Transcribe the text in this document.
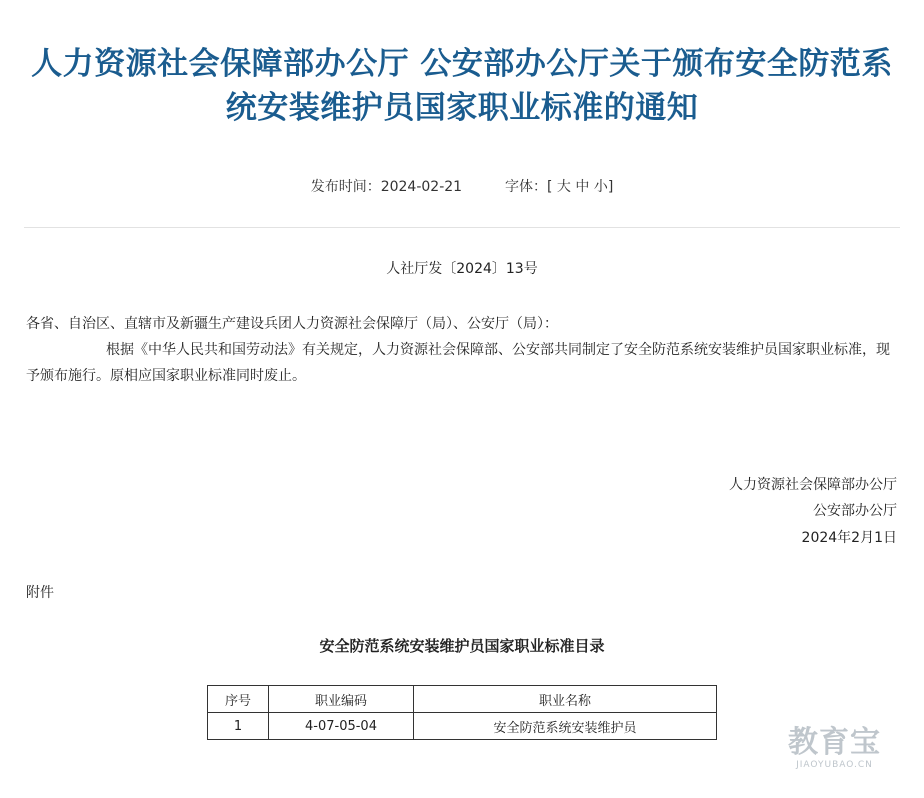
人力资源社会保障部办公厅 公安部办公厅关于颁布安全防范系统安装维护员国家职业标准的通知
发布时间：2024-02-21	字体：[ 大 中 小]
人社厅发〔2024〕13号
各省、自治区、直辖市及新疆生产建设兵团人力资源社会保障厅（局）、公安厅（局）：

根据《中华人民共和国劳动法》有关规定，人力资源社会保障部、公安部共同制定了安全防范系统安装维护员国家职业标准，现予颁布施行。原相应国家职业标准同时废止。

人力资源社会保障部办公厅
公安部办公厅
2024年2月1日
附件
安全防范系统安装维护员国家职业标准目录
序号	职业编码	职业名称
1	4-07-05-04	安全防范系统安装维护员	教育宝
JIAOYUBAO.CN
